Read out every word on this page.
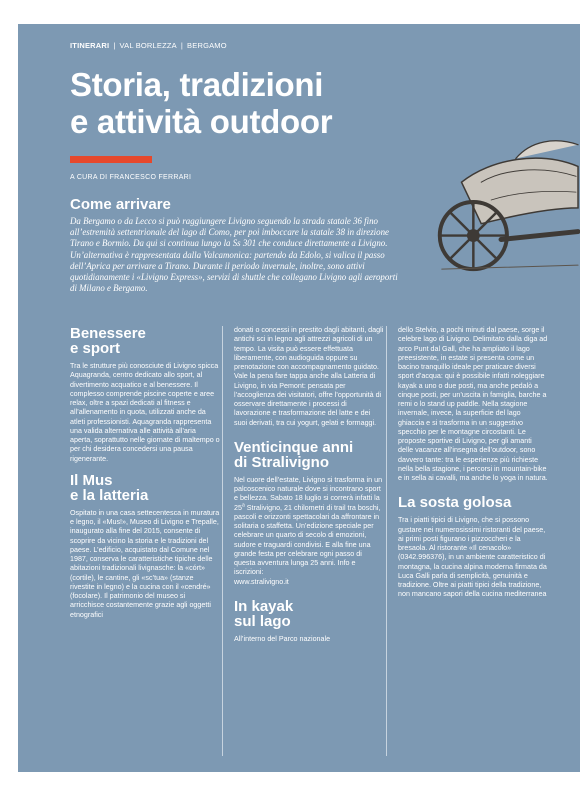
ITINERARI | VAL BORLEZZA | BERGAMO
Storia, tradizioni
e attività outdoor
A CURA DI FRANCESCO FERRARI
Come arrivare

Da Bergamo o da Lecco si può raggiungere Livigno seguendo la strada statale 36 fino all’estremità settentrionale del lago di Como, per poi imboccare la statale 38 in direzione Tirano e Bormio. Da qui si continua lungo la Ss 301 che conduce direttamente a Livigno. Un’alternativa è rappresentata dalla Valcamonica: partendo da Edolo, si valica il passo dell’Aprica per arrivare a Tirano. Durante il periodo invernale, inoltre, sono attivi quotidianamente i «Livigno Express», servizi di shuttle che collegano Livigno agli aeroporti di Milano e Bergamo.

Benessere
e sport

Tra le strutture più conosciute di Livigno spicca Aquagranda, centro dedicato allo sport, al divertimento acquatico e al benessere. Il complesso comprende piscine coperte e aree relax, oltre a spazi dedicati al fitness e all’allenamento in quota, utilizzati anche da atleti professionisti. Aquagranda rappresenta una valida alternativa alle attività all’aria aperta, soprattutto nelle giornate di maltempo o per chi desidera concedersi una pausa rigenerante.

Il Mus
e la latteria

Ospitato in una casa settecentesca in muratura e legno, il «Mus!», Museo di Livigno e Trepalle, inaugurato alla fine del 2015, consente di scoprire da vicino la storia e le tradizioni del paese. L’edificio, acquistato dal Comune nel 1987, conserva le caratteristiche tipiche delle abitazioni tradizionali livignasche: la «córt» (cortile), le cantine, gli «sc’tua» (stanze rivestite in legno) e la cucina con il «cendré» (focolare). Il patrimonio del museo si arricchisce costantemente grazie agli oggetti etnografici

donati o concessi in prestito dagli abitanti, dagli antichi sci in legno agli attrezzi agricoli di un tempo. La visita può essere effettuata liberamente, con audioguida oppure su prenotazione con accompagnamento guidato. Vale la pena fare tappa anche alla Latteria di Livigno, in via Pemont: pensata per l’accoglienza dei visitatori, offre l’opportunità di osservare direttamente i processi di lavorazione e trasformazione del latte e dei suoi derivati, tra cui yogurt, gelati e formaggi.

Venticinque anni
di Stralivigno

Nel cuore dell’estate, Livigno si trasforma in un palcoscenico naturale dove si incontrano sport e bellezza. Sabato 18 luglio si correrà infatti la 25$^a$ Stralivigno, 21 chilometri di trail tra boschi, pascoli e orizzonti spettacolari da affrontare in solitaria o staffetta. Un’edizione speciale per celebrare un quarto di secolo di emozioni, sudore e traguardi condivisi. E alla fine una grande festa per celebrare ogni passo di questa avventura lunga 25 anni. Info e iscrizioni:
www.stralivigno.it

In kayak
sul lago

All’interno del Parco nazionale

dello Stelvio, a pochi minuti dal paese, sorge il celebre lago di Livigno. Delimitato dalla diga ad arco Punt dal Gall, che ha ampliato il lago preesistente, in estate si presenta come un bacino tranquillo ideale per praticare diversi sport d’acqua: qui è possibile infatti noleggiare kayak a uno o due posti, ma anche pedalò a cinque posti, per un’uscita in famiglia, barche a remi o lo stand up paddle. Nella stagione invernale, invece, la superficie del lago ghiaccia e si trasforma in un suggestivo specchio per le montagne circostanti. Le proposte sportive di Livigno, per gli amanti delle vacanze all’insegna dell’outdoor, sono davvero tante: tra le esperienze più richieste nella bella stagione, i percorsi in mountain-bike e in sella ai cavalli, ma anche lo yoga in natura.

La sosta golosa

Tra i piatti tipici di Livigno, che si possono gustare nei numerosissimi ristoranti del paese, ai primi posti figurano i pizzoccheri e la bresaola. Al ristorante «Il cenacolo» (0342.996376), in un ambiente caratteristico di montagna, la cucina alpina moderna firmata da Luca Galli parla di semplicità, genuinità e tradizione. Oltre ai piatti tipici della tradizione, non mancano sapori della cucina mediterranea
